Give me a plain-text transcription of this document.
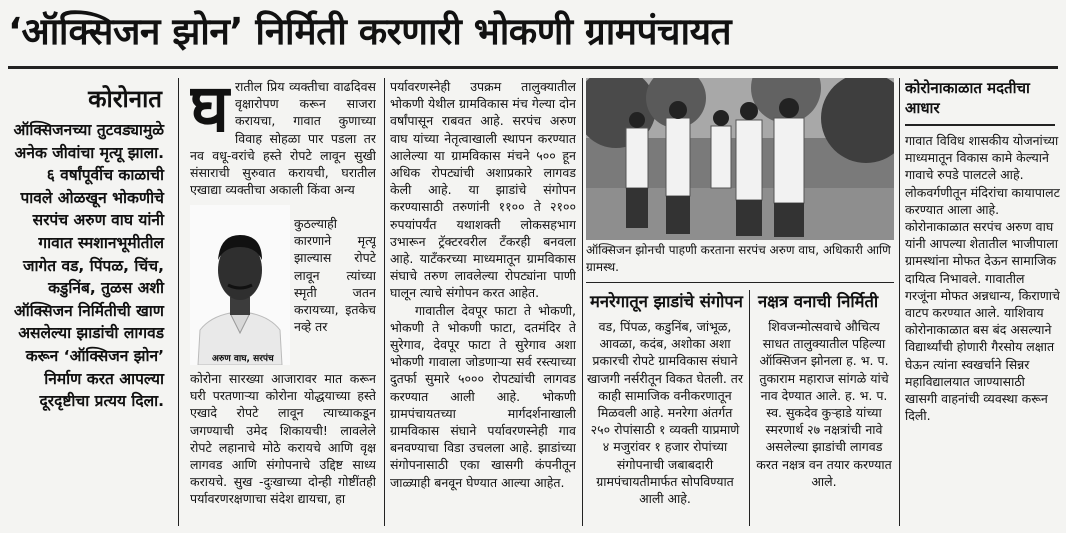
‘ऑक्सिजन झोन’ निर्मिती करणारी भोकणी ग्रामपंचायत
कोरोनात

ऑक्सिजनच्या तुटवड्यामुळे अनेक जीवांचा मृत्यू झाला. ६ वर्षांपूर्वीच काळाची पावले ओळखून भोकणीचे सरपंच अरुण वाघ यांनी गावात स्मशानभूमीतील जागेत वड, पिंपळ, चिंच, कडुनिंब, तुळस अशी ऑक्सिजन निर्मितीची खाण असलेल्या झाडांची लागवड करून ‘ऑक्सिजन झोन’ निर्माण करत आपल्या दूरदृष्टीचा प्रत्यय दिला.

घ रातील प्रिय व्यक्तीचा वाढदिवस वृक्षारोपण करून साजरा करायचा, गावात कुणाच्या विवाह सोहळा पार पडला तर नव वधू-वरांचे हस्ते रोपटे लावून सुखी संसाराची सुरुवात करायची, घरातील एखाद्या व्यक्तीचा अकाली किंवा अन्य
कुठल्याही कारणाने मृत्यू झाल्यास रोपटे लावून त्यांच्या स्मृती जतन करायच्या, इतकेच नव्हे तर
कोरोना सारख्या आजारावर मात करून घरी परतणाऱ्या कोरोना योद्धयाच्या हस्ते एखादे रोपटे लावून त्याच्याकडून जगण्याची उमेद शिकायची! लावलेले रोपटे लहानाचे मोठे करायचे आणि वृक्ष लागवड आणि संगोपनाचे उद्दिष्ट साध्य करायचे. सुख -दुःखाच्या दोन्ही गोष्टींतही पर्यावरणरक्षणाचा संदेश द्यायचा, हा
अरुण वाघ, सरपंच

पर्यावरणस्नेही उपक्रम तालुक्यातील भोकणी येथील ग्रामविकास मंच गेल्या दोन वर्षांपासून राबवत आहे. सरपंच अरुण वाघ यांच्या नेतृत्वाखाली स्थापन करण्यात आलेल्या या ग्रामविकास मंचने ५०० हून अधिक रोपट्यांची अशाप्रकारे लागवड केली आहे. या झाडांचे संगोपन करण्यासाठी तरुणांनी ११०० ते २१०० रुपयांपर्यंत यथाशक्ती लोकसहभाग उभारून ट्रॅक्टरवरील टँकरही बनवला आहे. याटँकरच्या माध्यमातून ग्रामविकास संघाचे तरुण लावलेल्या रोपट्यांना पाणी घालून त्याचे संगोपन करत आहेत.

गावातील देवपूर फाटा ते भोकणी, भोकणी ते भोकणी फाटा, दतमंदिर ते सुरेगाव, देवपूर फाटा ते सुरेगाव अशा भोकणी गावाला जोडणाऱ्या सर्व रस्त्याच्या दुतर्फा सुमारे ५००० रोपट्यांची लागवड करण्यात आली आहे. भोकणी ग्रामपंचायतच्या मार्गदर्शनाखाली ग्रामविकास संघाने पर्यावरणस्नेही गाव बनवण्याचा विडा उचलला आहे. झाडांच्या संगोपनासाठी एका खासगी कंपनीतून जाळ्याही बनवून घेण्यात आल्या आहेत.

ऑक्सिजन झोनची पाहणी करताना सरपंच अरुण वाघ, अधिकारी आणि ग्रामस्थ.
मनरेगातून झाडांचे संगोपन नक्षत्र वनाची निर्मिती
वड, पिंपळ, कडुनिंब, जांभूळ, आवळा, कदंब, अशोका अशा प्रकारची रोपटे ग्रामविकास संघाने खाजगी नर्सरीतून विकत घेतली. तर काही सामाजिक वनीकरणातून मिळवली आहे. मनरेगा अंतर्गत २५० रोपांसाठी १ व्यक्ती याप्रमाणे ४ मजुरांवर १ हजार रोपांच्या संगोपनाची जबाबदारी ग्रामपंचायतीमार्फत सोपविण्यात आली आहे.
शिवजन्मोत्सवाचे औचित्य साधत तालुक्यातील पहिल्या ऑक्सिजन झोनला ह. भ. प. तुकाराम महाराज सांगळे यांचे नाव देण्यात आले. ह. भ. प. स्व. सुकदेव कुऱ्हाडे यांच्या स्मरणार्थ २७ नक्षत्रांची नावे असलेल्या झाडांची लागवड करत नक्षत्र वन तयार करण्यात आले.
कोरोनाकाळात मदतीचा आधार

गावात विविध शासकीय योजनांच्या माध्यमातून विकास कामे केल्याने गावाचे रुपडे पालटले आहे. लोकवर्गणीतून मंदिरांचा कायापालट करण्यात आला आहे. कोरोनाकाळात सरपंच अरुण वाघ यांनी आपल्या शेतातील भाजीपाला ग्रामस्थांना मोफत देऊन सामाजिक दायित्व निभावले. गावातील गरजूंना मोफत अन्नधान्य, किराणाचे वाटप करण्यात आले. याशिवाय कोरोनाकाळात बस बंद असल्याने विद्यार्थ्यांची होणारी गैरसोय लक्षात घेऊन त्यांना स्वखर्चाने सिन्नर महाविद्यालयात जाण्यासाठी खासगी वाहनांची व्यवस्था करून दिली.
